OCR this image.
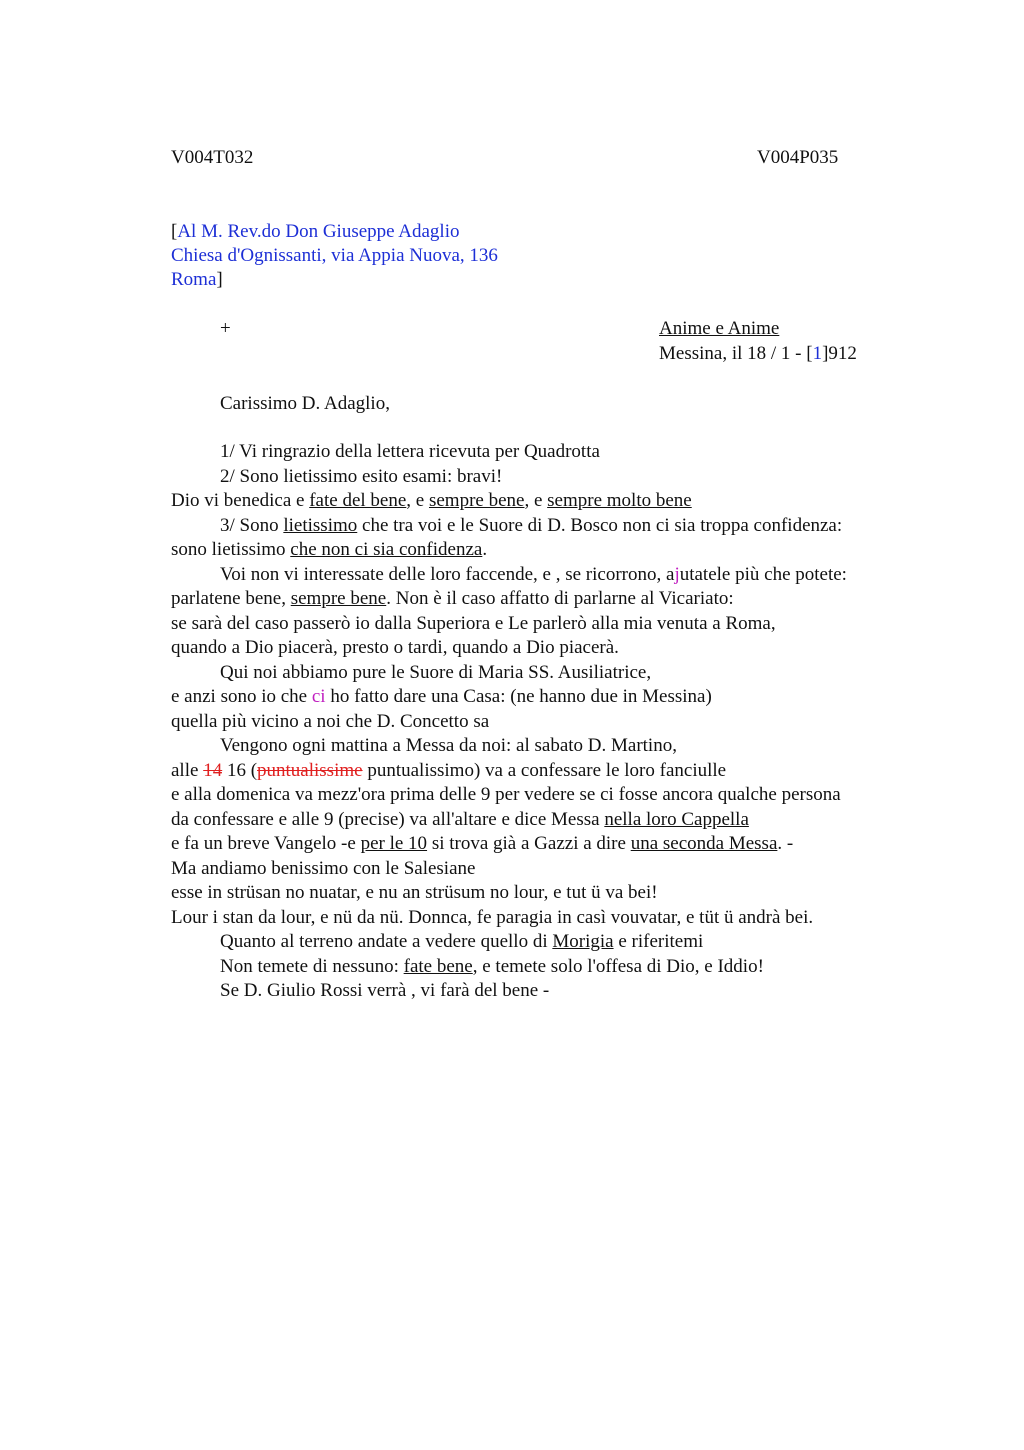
V004T032	V004P035
[Al M. Rev.do Don Giuseppe Adaglio
Chiesa d'Ognissanti, via Appia Nuova, 136
Roma]
+	Anime e Anime
Messina, il 18 / 1 - [1]912
Carissimo D. Adaglio,
1/ Vi ringrazio della lettera ricevuta per Quadrotta
2/ Sono lietissimo esito esami: bravi!
Dio vi benedica e fate del bene, e sempre bene, e sempre molto bene
3/ Sono lietissimo che tra voi e le Suore di D. Bosco non ci sia troppa confidenza:
sono lietissimo che non ci sia confidenza.
Voi non vi interessate delle loro faccende, e , se ricorrono, ajutatele più che potete:
parlatene bene, sempre bene. Non è il caso affatto di parlarne al Vicariato:
se sarà del caso passerò io dalla Superiora e Le parlerò alla mia venuta a Roma,
quando a Dio piacerà, presto o tardi, quando a Dio piacerà.
Qui noi abbiamo pure le Suore di Maria SS. Ausiliatrice,
e anzi sono io che ci ho fatto dare una Casa: (ne hanno due in Messina)
quella più vicino a noi che D. Concetto sa
Vengono ogni mattina a Messa da noi: al sabato D. Martino,
alle 14 16 (puntualissime puntualissimo) va a confessare le loro fanciulle
e alla domenica va mezz'ora prima delle 9 per vedere se ci fosse ancora qualche persona
da confessare e alle 9 (precise) va all'altare e dice Messa nella loro Cappella
e fa un breve Vangelo -e per le 10 si trova già a Gazzi a dire una seconda Messa. -
Ma andiamo benissimo con le Salesiane
esse in strüsan no nuatar, e nu an strüsum no lour, e tut ü va bei!
Lour i stan da lour, e nü da nü. Donnca, fe paragia in casì vouvatar, e tüt ü andrà bei.
Quanto al terreno andate a vedere quello di Morigia e riferitemi
Non temete di nessuno: fate bene, e temete solo l'offesa di Dio, e Iddio!
Se D. Giulio Rossi verrà , vi farà del bene -
